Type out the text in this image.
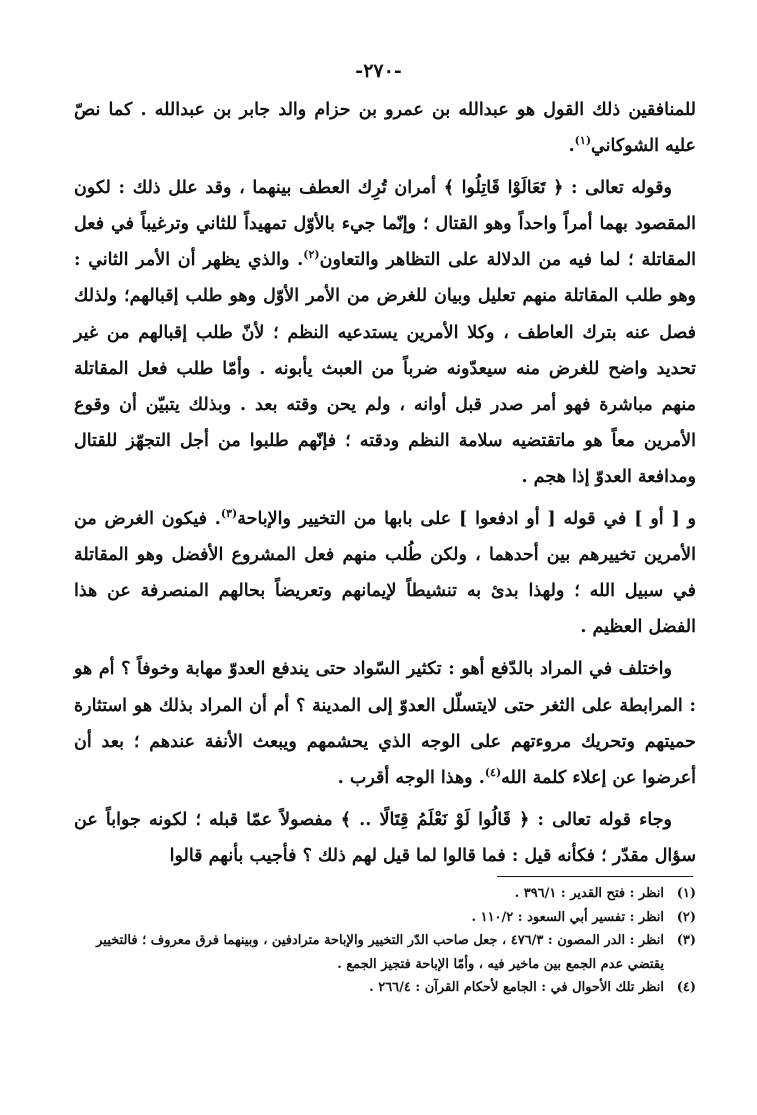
-٢٧٠-

للمنافقين ذلك القول هو عبدالله بن عمرو بن حزام والد جابر بن عبدالله . كما نصّ عليه الشوكاني$^{(١)}$.

وقوله تعالى : ﴿ تَعَالَوْا قَاتِلُوا ﴾ أمران تُرِك العطف بينهما ، وقد علل ذلك : لكون المقصود بهما أمراً واحداً وهو القتال ؛ وإنّما جيء بالأوّل تمهيداً للثاني وترغيباً في فعل المقاتلة ؛ لما فيه من الدلالة على التظاهر والتعاون$^{(٢)}$. والذي يظهر أن الأمر الثاني : وهو طلب المقاتلة منهم تعليل وبيان للغرض من الأمر الأوّل وهو طلب إقبالهم؛ ولذلك فصل عنه بترك العاطف ، وكلا الأمرين يستدعيه النظم ؛ لأنّ طلب إقبالهم من غير تحديد واضح للغرض منه سيعدّونه ضرباً من العبث يأبونه . وأمّا طلب فعل المقاتلة منهم مباشرة فهو أمر صدر قبل أوانه ، ولم يحن وقته بعد . وبذلك يتبيّن أن وقوع الأمرين معاً هو ماتقتضيه سلامة النظم ودقته ؛ فإنّهم طلبوا من أجل التجهّز للقتال ومدافعة العدوّ إذا هجم .

و [ أو ] في قوله [ أو ادفعوا ] على بابها من التخيير والإباحة$^{(٣)}$. فيكون الغرض من الأمرين تخييرهم بين أحدهما ، ولكن طُلب منهم فعل المشروع الأفضل وهو المقاتلة في سبيل الله ؛ ولهذا بدئ به تنشيطاً لإيمانهم وتعريضاً بحالهم المنصرفة عن هذا الفضل العظيم .

واختلف في المراد بالدّفع أهو : تكثير السّواد حتى يندفع العدوّ مهابة وخوفاً ؟ أم هو : المرابطة على الثغر حتى لايتسلّل العدوّ إلى المدينة ؟ أم أن المراد بذلك هو استثارة حميتهم وتحريك مروءتهم على الوجه الذي يحشمهم ويبعث الأنفة عندهم ؛ بعد أن أعرضوا عن إعلاء كلمة الله$^{(٤)}$. وهذا الوجه أقرب .

وجاء قوله تعالى : ﴿ قَالُوا لَوْ نَعْلَمُ قِتَالًا .. ﴾ مفصولاً عمّا قبله ؛ لكونه جواباً عن سؤال مقدّر ؛ فكأنه قيل : فما قالوا لما قيل لهم ذلك ؟ فأجيب بأنهم قالوا

(١)
انظر : فتح القدير : ٣٩٦/١ .
(٢)
انظر : تفسير أبي السعود : ١١٠/٢ .
(٣)
انظر : الدر المصون : ٤٧٦/٣ ، جعل صاحب الدّر التخيير والإباحة مترادفين ، وبينهما فرق معروف ؛ فالتخيير يقتضي عدم الجمع بين ماخير فيه ، وأمّا الإباحة فتجيز الجمع .
(٤)
انظر تلك الأحوال في : الجامع لأحكام القرآن : ٢٦٦/٤ .
